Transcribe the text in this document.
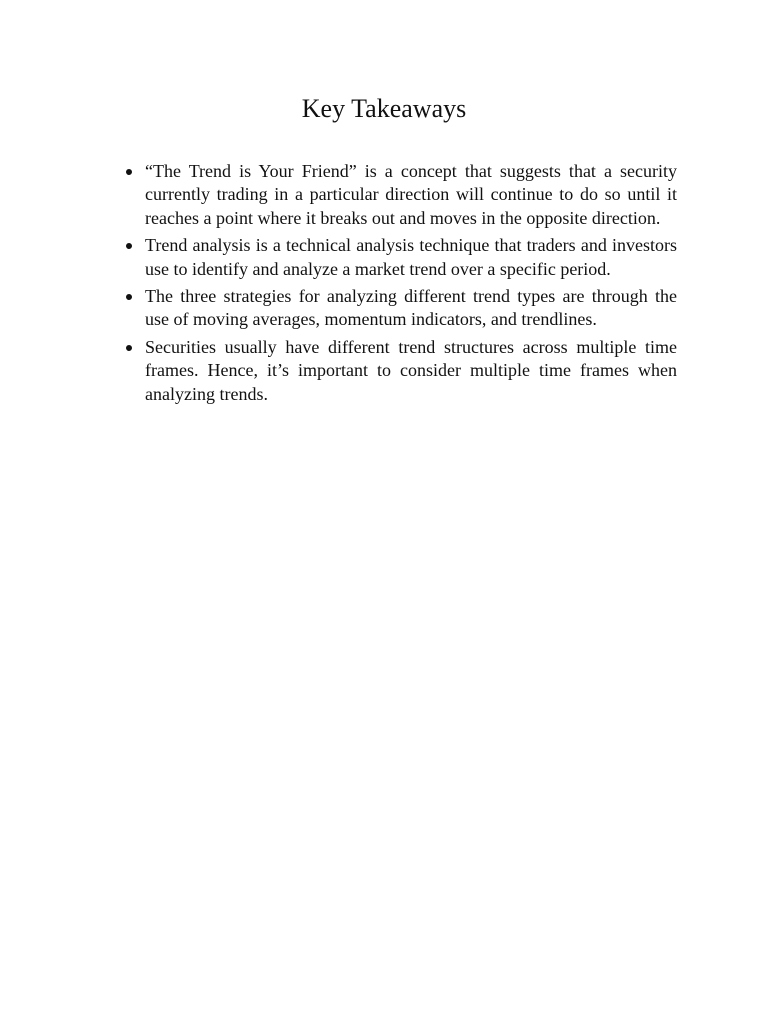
Key Takeaways
“The Trend is Your Friend” is a concept that suggests that a security currently trading in a particular direction will continue to do so until it reaches a point where it breaks out and moves in the opposite direction.
Trend analysis is a technical analysis technique that traders and investors use to identify and analyze a market trend over a specific period.
The three strategies for analyzing different trend types are through the use of moving averages, momentum indicators, and trendlines.
Securities usually have different trend structures across multiple time frames. Hence, it’s important to consider multiple time frames when analyzing trends.
